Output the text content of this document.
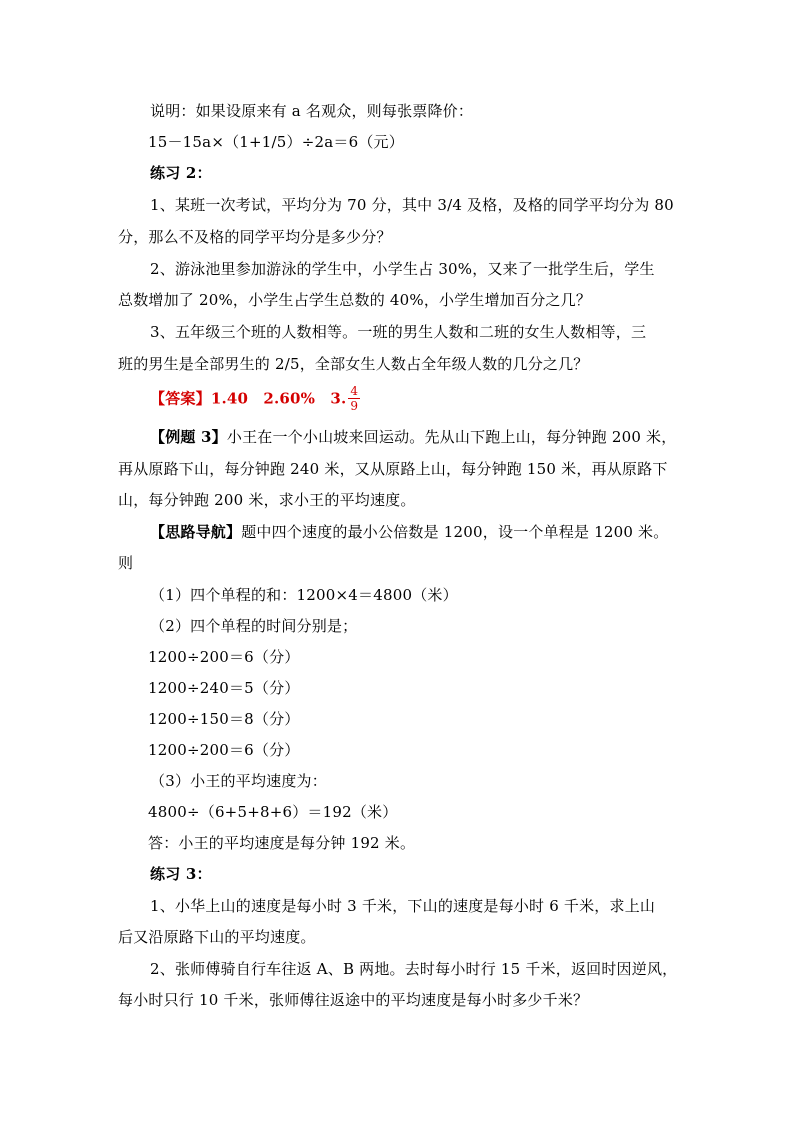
说明：如果设原来有 a 名观众，则每张票降价：
15－15a×（1+1/5）÷2a＝6（元）
练习 2：
1、某班一次考试，平均分为 70 分，其中 3/4 及格，及格的同学平均分为 80
分，那么不及格的同学平均分是多少分？
2、游泳池里参加游泳的学生中，小学生占 30%，又来了一批学生后，学生
总数增加了 20%，小学生占学生总数的 40%，小学生增加百分之几？
3、五年级三个班的人数相等。一班的男生人数和二班的女生人数相等，三
班的男生是全部男生的 2/5，全部女生人数占全年级人数的几分之几？
【答案】1.40　2.60%　3. $\frac{4}{9}$
【例题 3】小王在一个小山坡来回运动。先从山下跑上山，每分钟跑 200 米，
再从原路下山，每分钟跑 240 米，又从原路上山，每分钟跑 150 米，再从原路下
山，每分钟跑 200 米，求小王的平均速度。
【思路导航】题中四个速度的最小公倍数是 1200，设一个单程是 1200 米。
则
（1）四个单程的和：1200×4＝4800（米）
（2）四个单程的时间分别是；
1200÷200＝6（分）
1200÷240＝5（分）
1200÷150＝8（分）
1200÷200＝6（分）
（3）小王的平均速度为：
4800÷（6+5+8+6）＝192（米）
答：小王的平均速度是每分钟 192 米。
练习 3：
1、小华上山的速度是每小时 3 千米，下山的速度是每小时 6 千米，求上山
后又沿原路下山的平均速度。
2、张师傅骑自行车往返 A、B 两地。去时每小时行 15 千米，返回时因逆风，
每小时只行 10 千米，张师傅往返途中的平均速度是每小时多少千米？
